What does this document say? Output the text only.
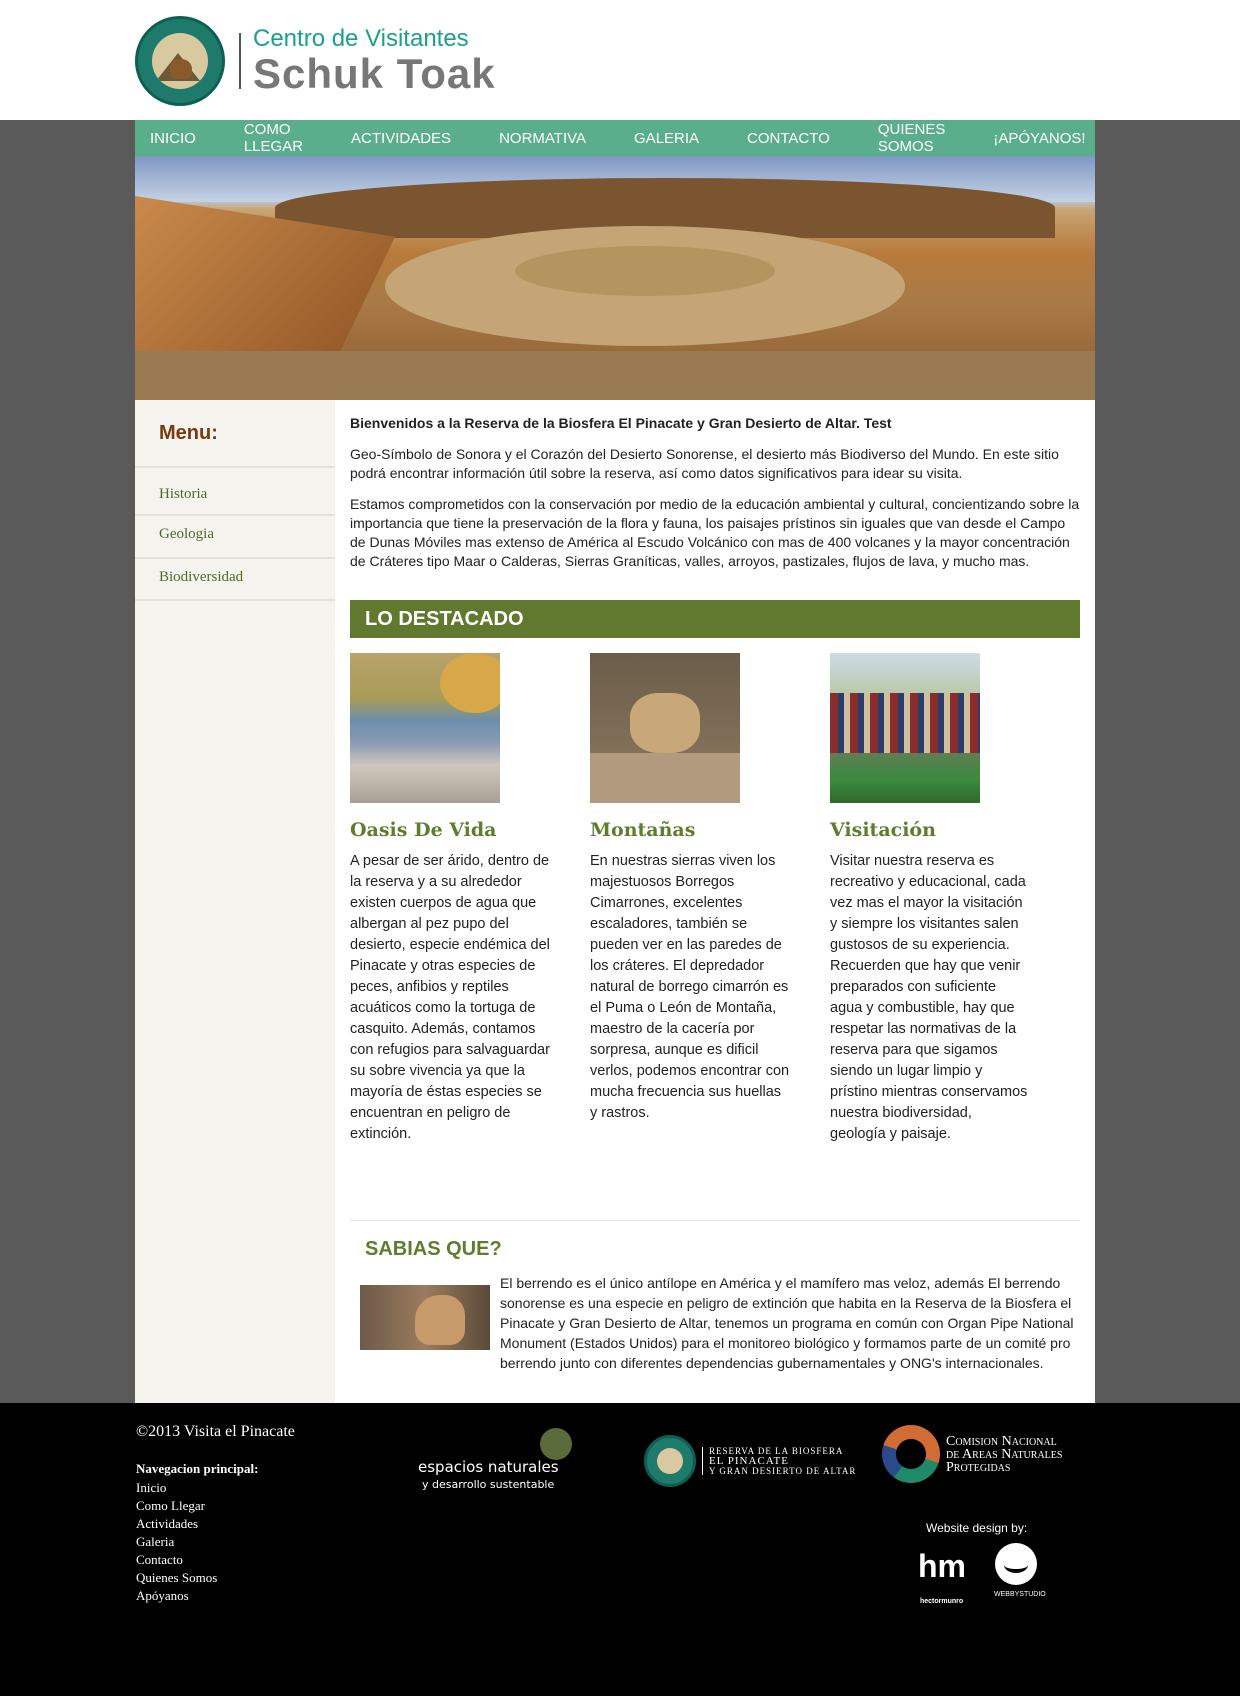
Centro de Visitantes
Schuk Toak
INICIO	COMO LLEGAR	ACTIVIDADES	NORMATIVA	GALERIA	CONTACTO	QUIENES SOMOS	¡APÓYANOS!
Menu:
Historia
Geologia
Biodiversidad

Bienvenidos a la Reserva de la Biosfera El Pinacate y Gran Desierto de Altar. Test

Geo-Símbolo de Sonora y el Corazón del Desierto Sonorense, el desierto más Biodiverso del Mundo. En este sitio podrá encontrar información útil sobre la reserva, así como datos significativos para idear su visita.

Estamos comprometidos con la conservación por medio de la educación ambiental y cultural, concientizando sobre la importancia que tiene la preservación de la flora y fauna, los paisajes prístinos sin iguales que van desde el Campo de Dunas Móviles mas extenso de América al Escudo Volcánico con mas de 400 volcanes y la mayor concentración de Cráteres tipo Maar o Calderas, Sierras Graníticas, valles, arroyos, pastizales, flujos de lava, y mucho mas.

LO DESTACADO
Oasis De Vida

A pesar de ser árido, dentro de la reserva y a su alrededor existen cuerpos de agua que albergan al pez pupo del desierto, especie endémica del Pinacate y otras especies de peces, anfibios y reptiles acuáticos como la tortuga de casquito. Además, contamos con refugios para salvaguardar su sobre vivencia ya que la mayoría de éstas especies se encuentran en peligro de extinción.

Montañas

En nuestras sierras viven los majestuosos Borregos Cimarrones, excelentes escaladores, también se pueden ver en las paredes de los cráteres. El depredador natural de borrego cimarrón es el Puma o León de Montaña, maestro de la cacería por sorpresa, aunque es dificil verlos, podemos encontrar con mucha frecuencia sus huellas y rastros.

Visitación

Visitar nuestra reserva es recreativo y educacional, cada vez mas el mayor la visitación y siempre los visitantes salen gustosos de su experiencia. Recuerden que hay que venir preparados con suficiente agua y combustible, hay que respetar las normativas de la reserva para que sigamos siendo un lugar limpio y prístino mientras conservamos nuestra biodiversidad, geología y paisaje.

SABIAS QUE?
El berrendo es el único antílope en América y el mamífero mas veloz, además El berrendo sonorense es una especie en peligro de extinción que habita en la Reserva de la Biosfera el Pinacate y Gran Desierto de Altar, tenemos un programa en común con Organ Pipe National Monument (Estados Unidos) para el monitoreo biológico y formamos parte de un comité pro berrendo junto con diferentes dependencias gubernamentales y ONG's internacionales.
©2013 Visita el Pinacate
Navegacion principal:
Inicio
Como Llegar
Actividades
Galeria
Contacto
Quienes Somos
Apóyanos
espacios naturales
y desarrollo sustentable
RESERVA DE LA BIOSFERA
EL PINACATE
Y GRAN DESIERTO DE ALTAR
Comision Nacional
de Areas Naturales
Protegidas
Website design by:
hm
hectormunro
WEBBYSTUDIO
